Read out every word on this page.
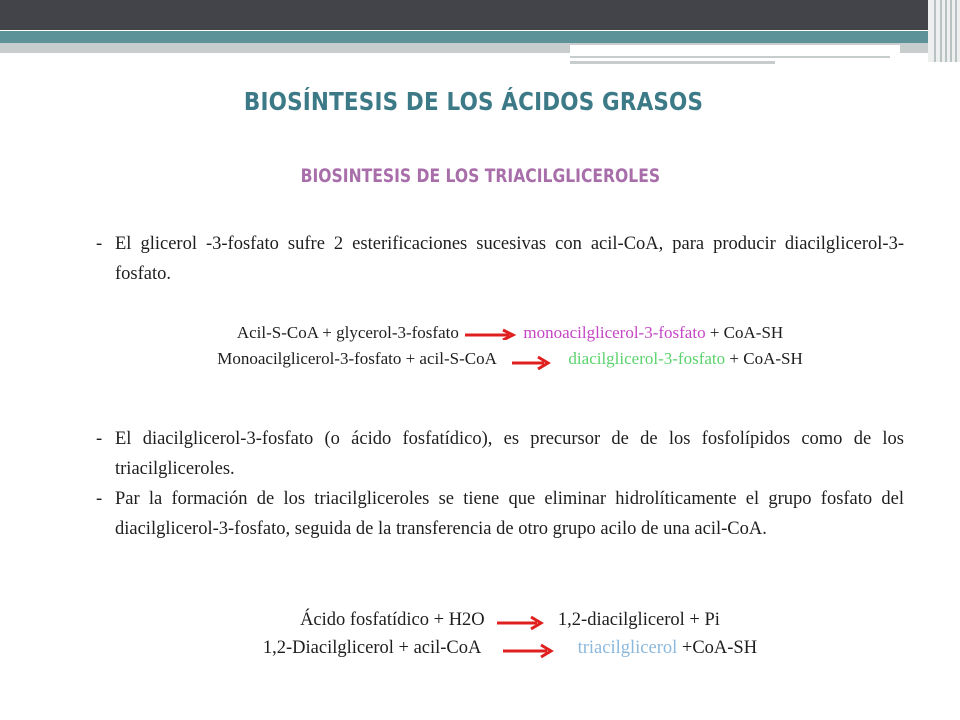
BIOSÍNTESIS DE LOS ÁCIDOS GRASOS
BIOSINTESIS DE LOS TRIACILGLICEROLES
- El glicerol -3-fosfato sufre 2 esterificaciones sucesivas con acil-CoA, para producir diacilglicerol-3-fosfato.
Acil-S-CoA + glycerol-3-fosfato → monoacilglicerol-3-fosfato + CoA-SH
Monoacilglicerol-3-fosfato + acil-S-CoA → diacilglicerol-3-fosfato + CoA-SH
- El diacilglicerol-3-fosfato (o ácido fosfatídico), es precursor de de los fosfolípidos como de los triacilgliceroles.
- Par la formación de los triacilgliceroles se tiene que eliminar hidrolíticamente el grupo fosfato del diacilglicerol-3-fosfato, seguida de la transferencia de otro grupo acilo de una acil-CoA.
Ácido fosfatídico + H2O → 1,2-diacilglicerol + Pi
1,2-Diacilglicerol + acil-CoA → triacilglicerol +CoA-SH
